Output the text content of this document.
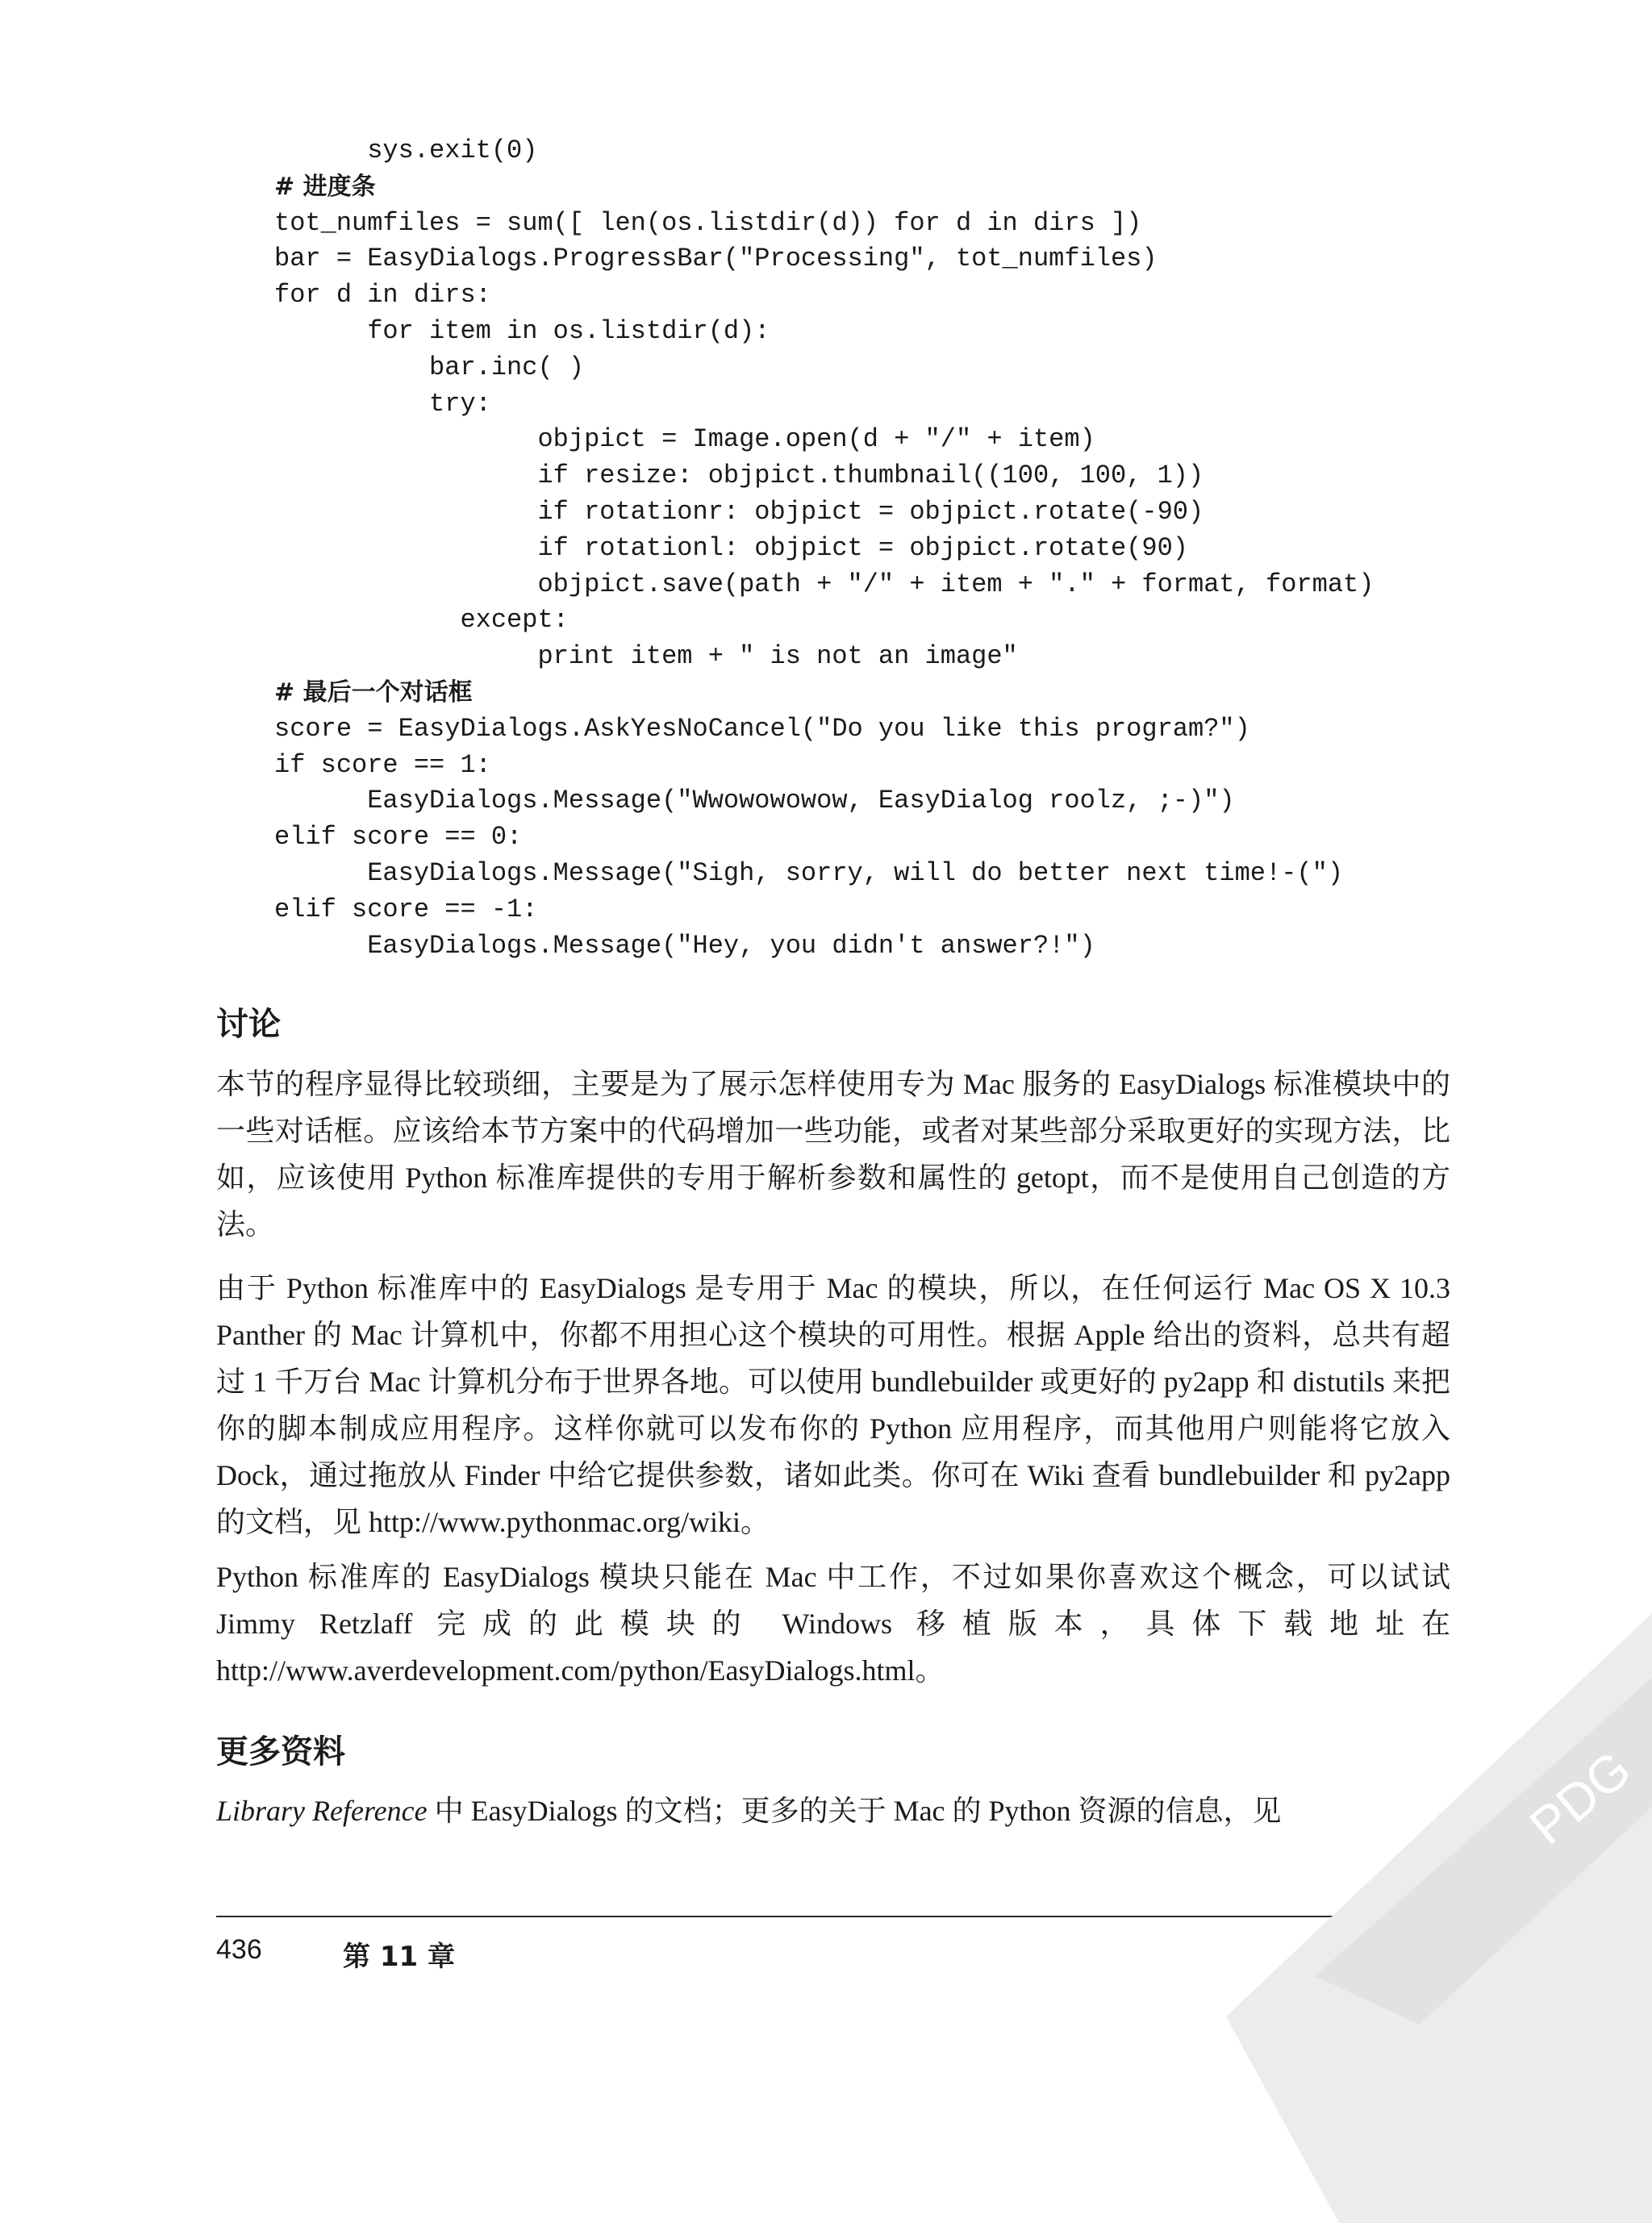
sys.exit(0)
# 进度条
tot_numfiles = sum([ len(os.listdir(d)) for d in dirs ])
bar = EasyDialogs.ProgressBar("Processing", tot_numfiles)
for d in dirs:
for item in os.listdir(d):
bar.inc( )
try:
objpict = Image.open(d + "/" + item)
if resize: objpict.thumbnail((100, 100, 1))
if rotationr: objpict = objpict.rotate(-90)
if rotationl: objpict = objpict.rotate(90)
objpict.save(path + "/" + item + "." + format, format)
except:
print item + " is not an image"
# 最后一个对话框
score = EasyDialogs.AskYesNoCancel("Do you like this program?")
if score == 1:
EasyDialogs.Message("Wwowowowow, EasyDialog roolz, ;-)")
elif score == 0:
EasyDialogs.Message("Sigh, sorry, will do better next time!-(")
elif score == -1:
EasyDialogs.Message("Hey, you didn't answer?!")
讨论

本节的程序显得比较琐细，主要是为了展示怎样使用专为 Mac 服务的 EasyDialogs 标准模块中的一些对话框。应该给本节方案中的代码增加一些功能，或者对某些部分采取更好的实现方法，比如，应该使用 Python 标准库提供的专用于解析参数和属性的 getopt，而不是使用自己创造的方法。

由于 Python 标准库中的 EasyDialogs 是专用于 Mac 的模块，所以，在任何运行 Mac OS X 10.3 Panther 的 Mac 计算机中，你都不用担心这个模块的可用性。根据 Apple 给出的资料，总共有超过 1 千万台 Mac 计算机分布于世界各地。可以使用 bundlebuilder 或更好的 py2app 和 distutils 来把你的脚本制成应用程序。这样你就可以发布你的 Python 应用程序，而其他用户则能将它放入 Dock，通过拖放从 Finder 中给它提供参数，诸如此类。你可在 Wiki 查看 bundlebuilder 和 py2app 的文档，见 http://www.pythonmac.org/wiki。

Python 标准库的 EasyDialogs 模块只能在 Mac 中工作，不过如果你喜欢这个概念，可以试试 Jimmy Retzlaff 完成的此模块的 Windows 移植版本，具体下载地址在 http://www.averdevelopment.com/python/EasyDialogs.html。

更多资料

Library Reference 中 EasyDialogs 的文档；更多的关于 Mac 的 Python 资源的信息，见

436	第 11 章
PDG
